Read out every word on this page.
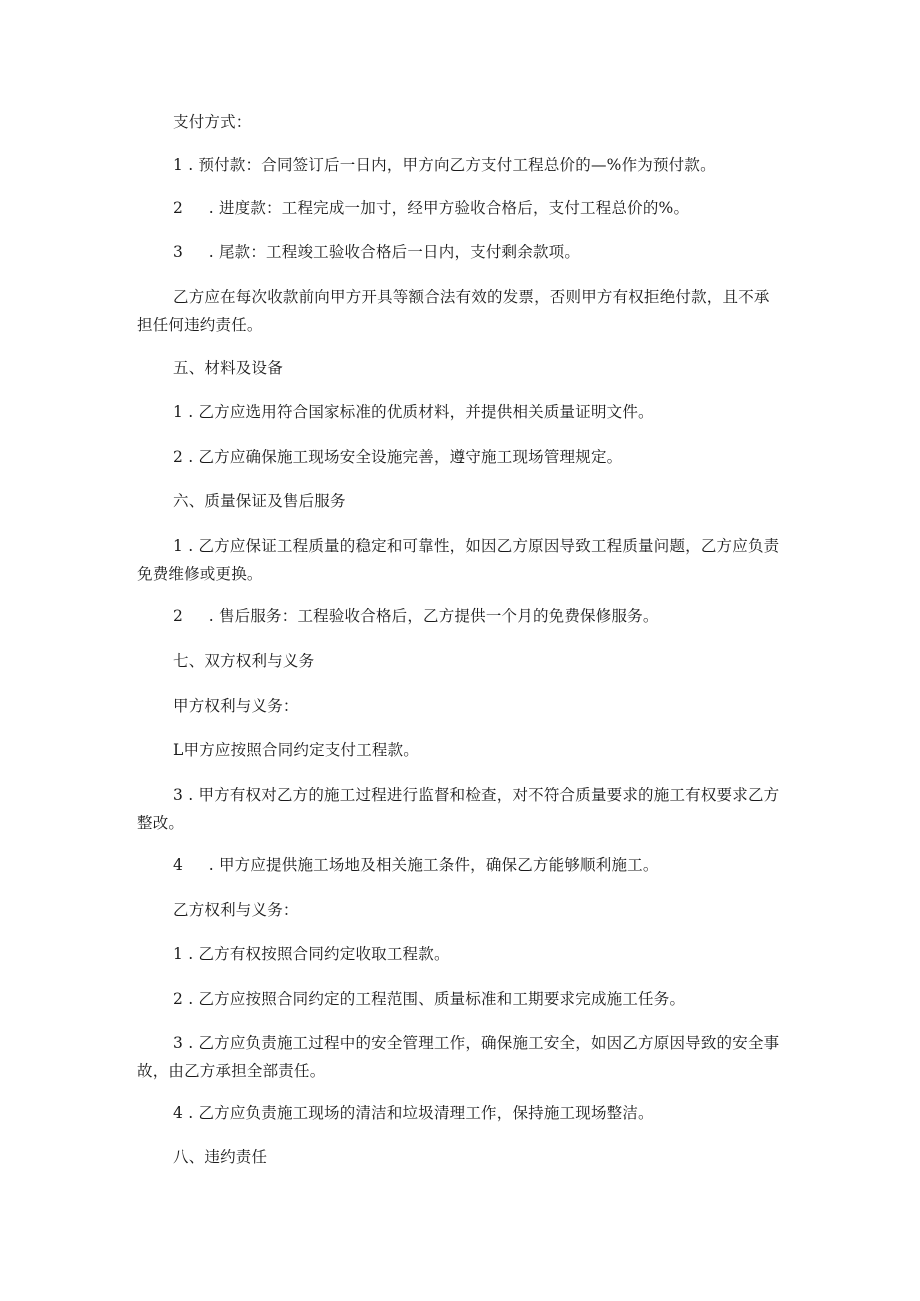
支付方式：
1 . 预付款：合同签订后一日内，甲方向乙方支付工程总价的—%作为预付款。
2     . 进度款：工程完成一加寸，经甲方验收合格后，支付工程总价的%。
3     . 尾款：工程竣工验收合格后一日内，支付剩余款项。
乙方应在每次收款前向甲方开具等额合法有效的发票，否则甲方有权拒绝付款，且不承担任何违约责任。
五、材料及设备
1 . 乙方应选用符合国家标准的优质材料，并提供相关质量证明文件。
2 . 乙方应确保施工现场安全设施完善，遵守施工现场管理规定。
六、质量保证及售后服务
1 . 乙方应保证工程质量的稳定和可靠性，如因乙方原因导致工程质量问题，乙方应负责免费维修或更换。
2     . 售后服务：工程验收合格后，乙方提供一个月的免费保修服务。
七、双方权利与义务
甲方权利与义务：
L甲方应按照合同约定支付工程款。
3 . 甲方有权对乙方的施工过程进行监督和检查，对不符合质量要求的施工有权要求乙方整改。
4     . 甲方应提供施工场地及相关施工条件，确保乙方能够顺利施工。
乙方权利与义务：
1 . 乙方有权按照合同约定收取工程款。
2 . 乙方应按照合同约定的工程范围、质量标准和工期要求完成施工任务。
3 . 乙方应负责施工过程中的安全管理工作，确保施工安全，如因乙方原因导致的安全事故，由乙方承担全部责任。
4 . 乙方应负责施工现场的清洁和垃圾清理工作，保持施工现场整洁。
八、违约责任
